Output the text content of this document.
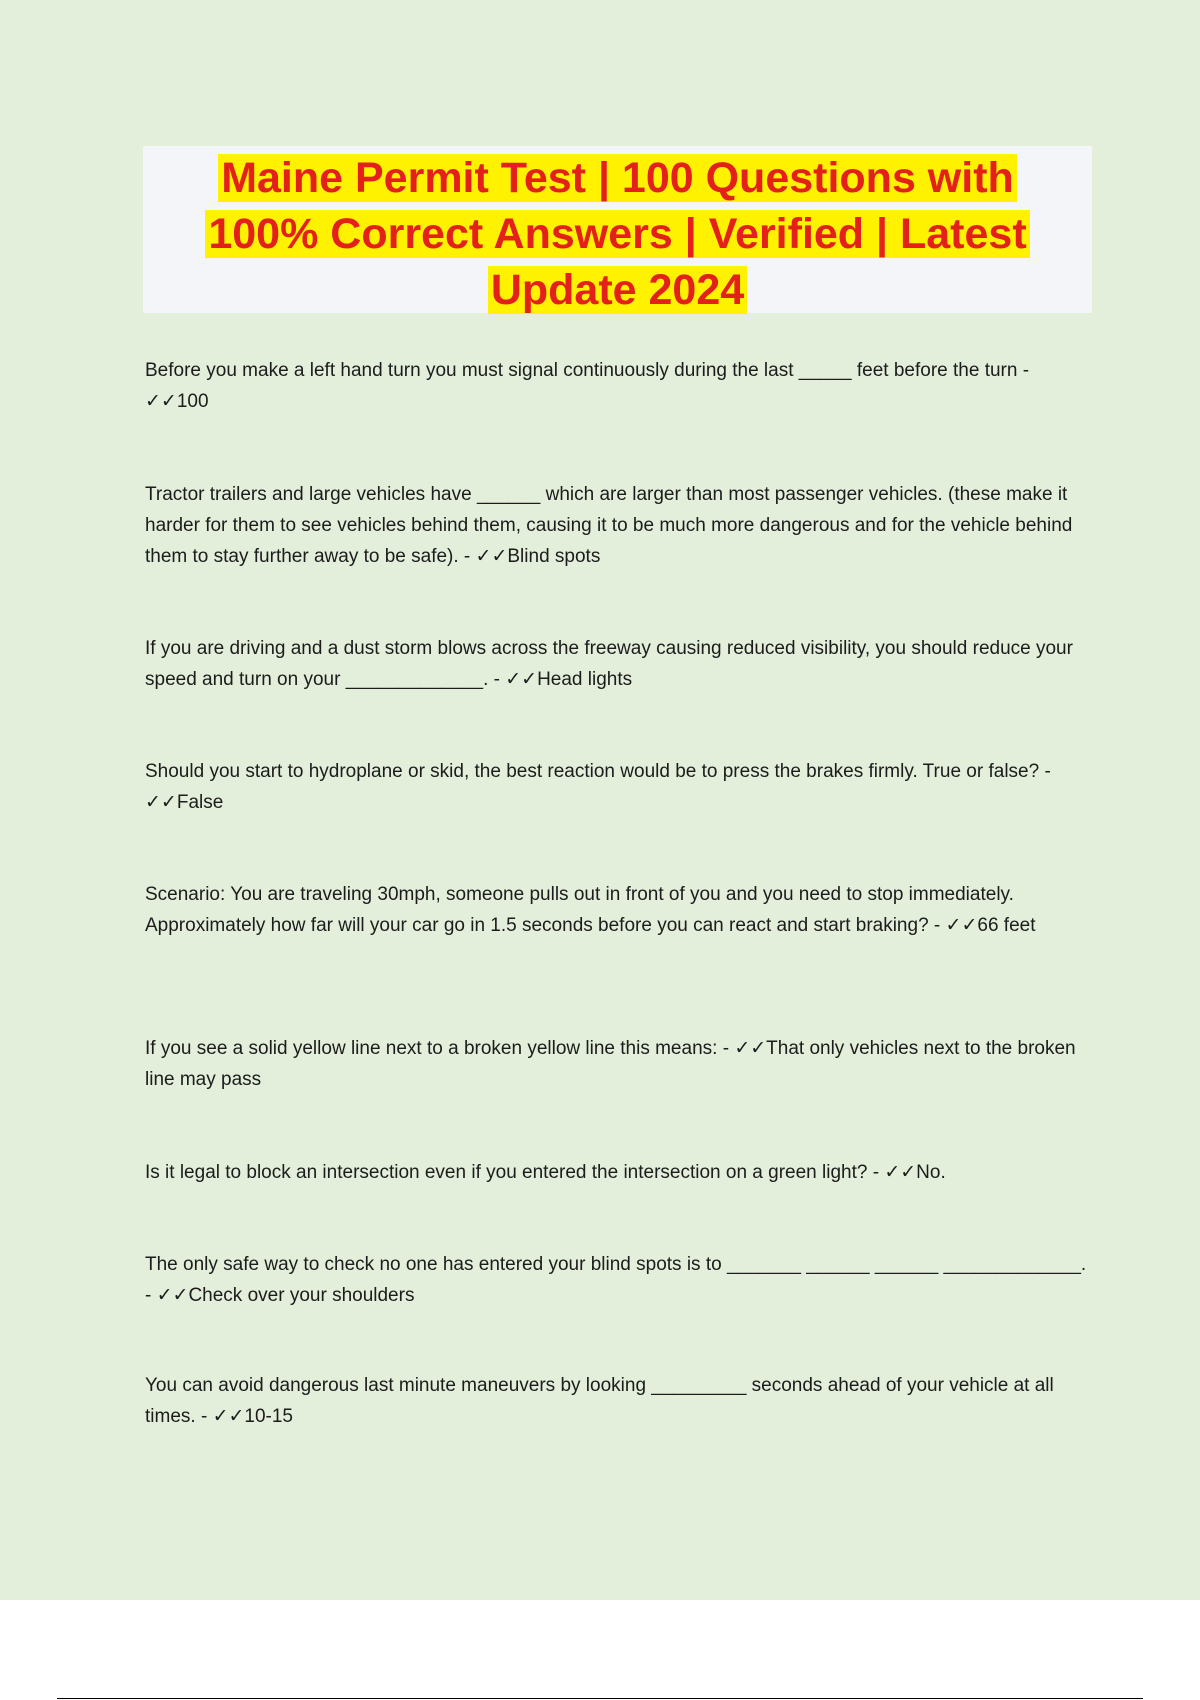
Maine Permit Test | 100 Questions with
100% Correct Answers | Verified | Latest
Update 2024

Before you make a left hand turn you must signal continuously during the last _____ feet before the turn - ✓✓100

Tractor trailers and large vehicles have ______ which are larger than most passenger vehicles. (these make it harder for them to see vehicles behind them, causing it to be much more dangerous and for the vehicle behind them to stay further away to be safe). - ✓✓Blind spots

If you are driving and a dust storm blows across the freeway causing reduced visibility, you should reduce your speed and turn on your _____________. - ✓✓Head lights

Should you start to hydroplane or skid, the best reaction would be to press the brakes firmly. True or false? - ✓✓False

Scenario: You are traveling 30mph, someone pulls out in front of you and you need to stop immediately. Approximately how far will your car go in 1.5 seconds before you can react and start braking? - ✓✓66 feet

If you see a solid yellow line next to a broken yellow line this means: - ✓✓That only vehicles next to the broken line may pass

Is it legal to block an intersection even if you entered the intersection on a green light? - ✓✓No.

The only safe way to check no one has entered your blind spots is to _______ ______ ______ _____________. - ✓✓Check over your shoulders

You can avoid dangerous last minute maneuvers by looking _________ seconds ahead of your vehicle at all times. - ✓✓10-15
